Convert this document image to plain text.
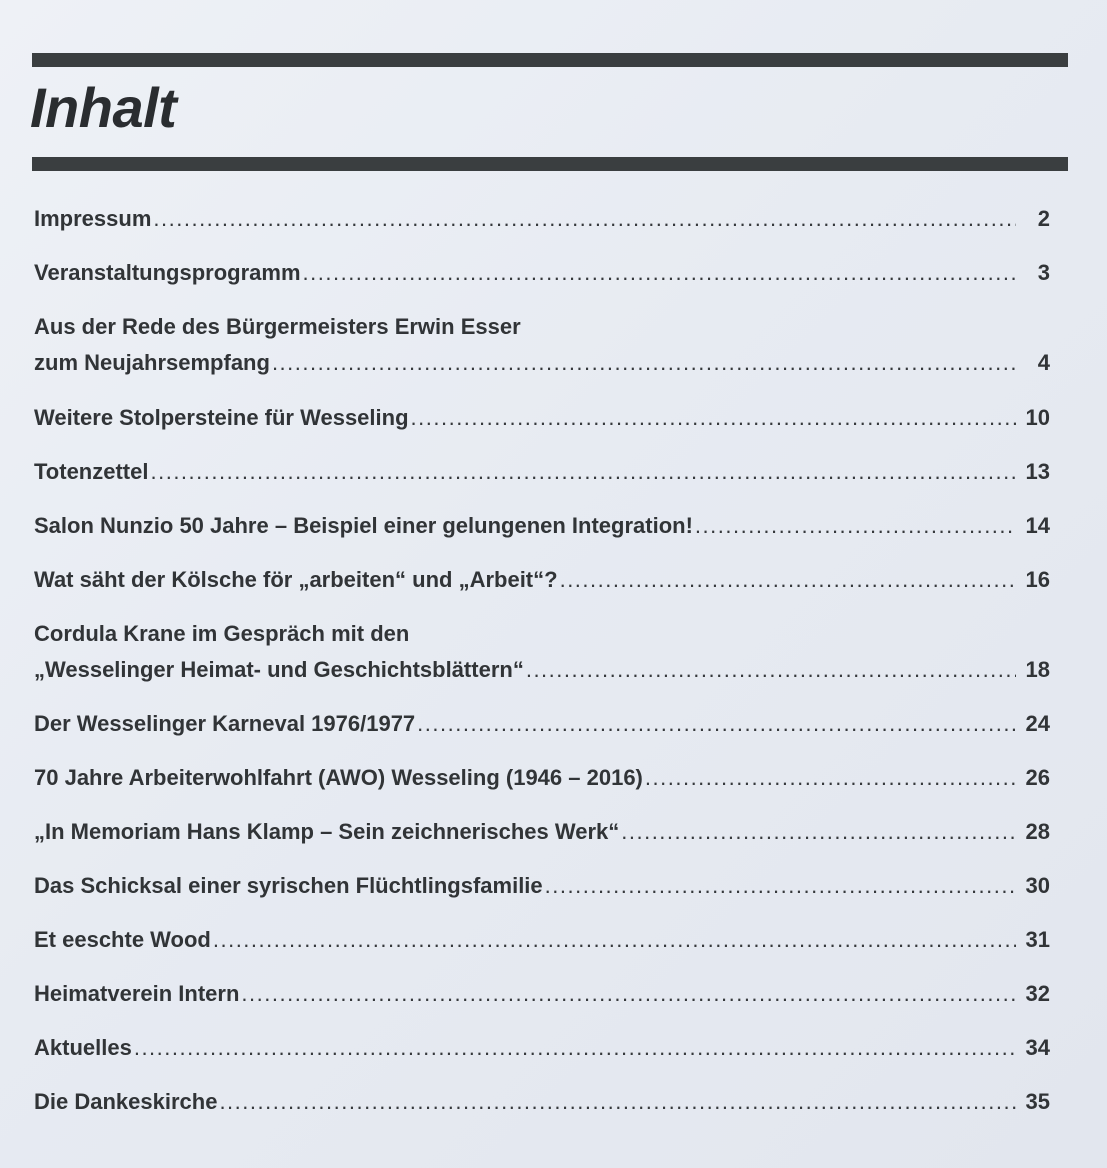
Inhalt
Impressum .....	2
Veranstaltungsprogramm .....	3
Aus der Rede des Bürgermeisters Erwin Esser
zum Neujahrsempfang .....	4
Weitere Stolpersteine für Wesseling .....	10
Totenzettel .....	13
Salon Nunzio 50 Jahre – Beispiel einer gelungenen Integration! .....	14
Wat säht der Kölsche för „arbeiten“ und „Arbeit“? .....	16
Cordula Krane im Gespräch mit den
„Wesselinger Heimat- und Geschichtsblättern“ .....	18
Der Wesselinger Karneval 1976/1977 .....	24
70 Jahre Arbeiterwohlfahrt (AWO) Wesseling (1946 – 2016) .....	26
„In Memoriam Hans Klamp – Sein zeichnerisches Werk“ .....	28
Das Schicksal einer syrischen Flüchtlingsfamilie .....	30
Et eeschte Wood .....	31
Heimatverein Intern .....	32
Aktuelles .....	34
Die Dankeskirche .....	35
